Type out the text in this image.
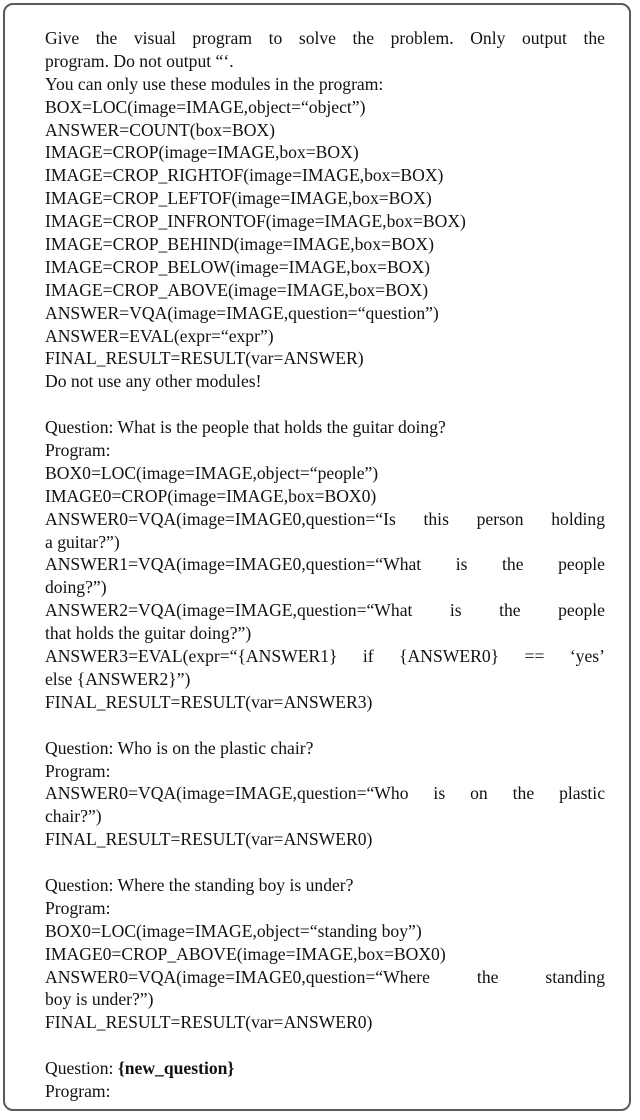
Give the visual program to solve the problem. Only output the
program. Do not output “‘.
You can only use these modules in the program:
BOX=LOC(image=IMAGE,object=“object”)
ANSWER=COUNT(box=BOX)
IMAGE=CROP(image=IMAGE,box=BOX)
IMAGE=CROP_RIGHTOF(image=IMAGE,box=BOX)
IMAGE=CROP_LEFTOF(image=IMAGE,box=BOX)
IMAGE=CROP_INFRONTOF(image=IMAGE,box=BOX)
IMAGE=CROP_BEHIND(image=IMAGE,box=BOX)
IMAGE=CROP_BELOW(image=IMAGE,box=BOX)
IMAGE=CROP_ABOVE(image=IMAGE,box=BOX)
ANSWER=VQA(image=IMAGE,question=“question”)
ANSWER=EVAL(expr=“expr”)
FINAL_RESULT=RESULT(var=ANSWER)
Do not use any other modules!
Question: What is the people that holds the guitar doing?
Program:
BOX0=LOC(image=IMAGE,object=“people”)
IMAGE0=CROP(image=IMAGE,box=BOX0)
ANSWER0=VQA(image=IMAGE0,question=“Is this person holding
a guitar?”)
ANSWER1=VQA(image=IMAGE0,question=“What is the people
doing?”)
ANSWER2=VQA(image=IMAGE,question=“What is the people
that holds the guitar doing?”)
ANSWER3=EVAL(expr=“{ANSWER1} if {ANSWER0} == ‘yes’
else {ANSWER2}”)
FINAL_RESULT=RESULT(var=ANSWER3)
Question: Who is on the plastic chair?
Program:
ANSWER0=VQA(image=IMAGE,question=“Who is on the plastic
chair?”)
FINAL_RESULT=RESULT(var=ANSWER0)
Question: Where the standing boy is under?
Program:
BOX0=LOC(image=IMAGE,object=“standing boy”)
IMAGE0=CROP_ABOVE(image=IMAGE,box=BOX0)
ANSWER0=VQA(image=IMAGE0,question=“Where the standing
boy is under?”)
FINAL_RESULT=RESULT(var=ANSWER0)
Question: {new_question}
Program:
